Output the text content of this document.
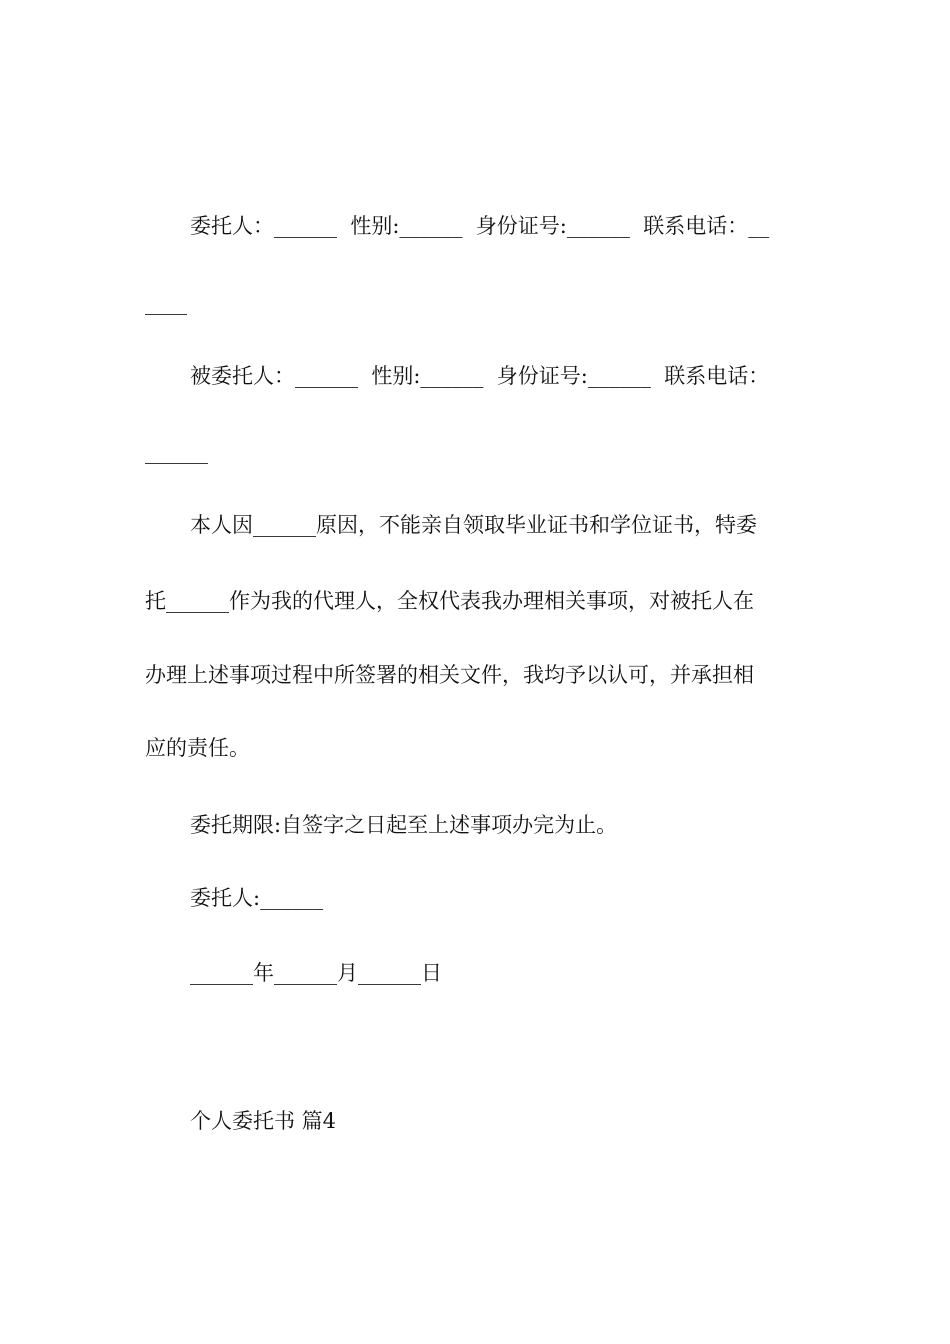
委托人：______  性别:______  身份证号:______  联系电话：__
____
被委托人：______  性别:______  身份证号:______  联系电话：
______
本人因______原因，不能亲自领取毕业证书和学位证书，特委
托______作为我的代理人，全权代表我办理相关事项，对被托人在
办理上述事项过程中所签署的相关文件，我均予以认可，并承担相
应的责任。
委托期限:自签字之日起至上述事项办完为止。
委托人:______
______年______月______日
个人委托书 篇4
